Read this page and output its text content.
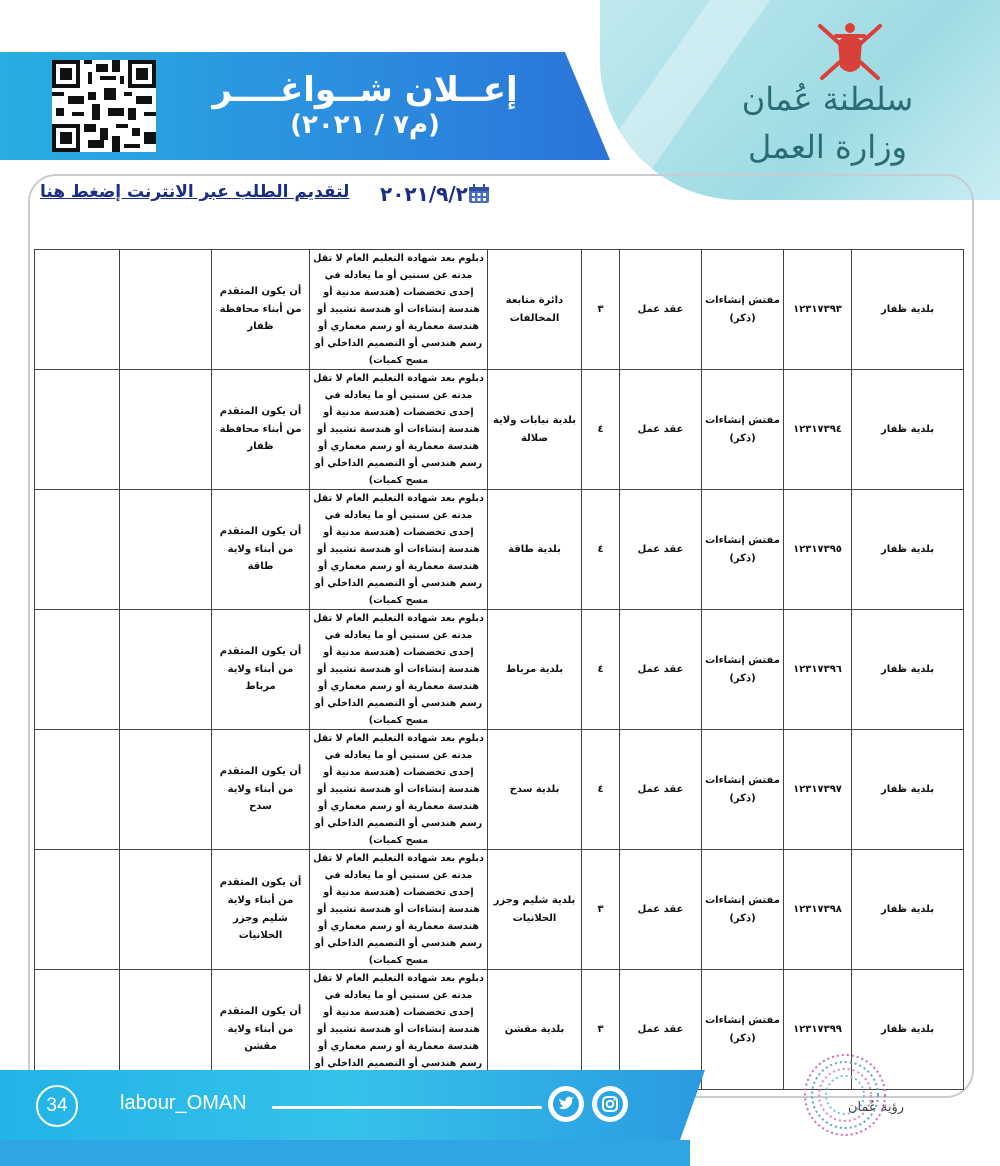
سلطنة عُمان
وزارة العمل
إعــلان شــواغــــر
(م٧ / ٢٠٢١)
لتقديم الطلب عبر الانترنت إضغط هنا ٢٠٢١/٩/٢
بلدية ظفار	١٢٣١٧٣٩٣	مفتش إنشاءات (ذكر)	عقد عمل	٣	دائرة متابعة المخالفات	دبلوم بعد شهادة التعليم العام لا تقل مدته عن سنتين أو ما يعادله في إحدى تخصصات (هندسة مدنية أو هندسة إنشاءات أو هندسة تشييد أو هندسة معمارية أو رسم معماري أو رسم هندسي أو التصميم الداخلي أو مسح كميات)	أن يكون المتقدم من أبناء محافظة ظفار		
بلدية ظفار	١٢٣١٧٣٩٤	مفتش إنشاءات (ذكر)	عقد عمل	٤	بلدية نيابات ولاية صلالة	دبلوم بعد شهادة التعليم العام لا تقل مدته عن سنتين أو ما يعادله في إحدى تخصصات (هندسة مدنية أو هندسة إنشاءات أو هندسة تشييد أو هندسة معمارية أو رسم معماري أو رسم هندسي أو التصميم الداخلي أو مسح كميات)	أن يكون المتقدم من أبناء محافظة ظفار		
بلدية ظفار	١٢٣١٧٣٩٥	مفتش إنشاءات (ذكر)	عقد عمل	٤	بلدية طاقة	دبلوم بعد شهادة التعليم العام لا تقل مدته عن سنتين أو ما يعادله في إحدى تخصصات (هندسة مدنية أو هندسة إنشاءات أو هندسة تشييد أو هندسة معمارية أو رسم معماري أو رسم هندسي أو التصميم الداخلي أو مسح كميات)	أن يكون المتقدم من أبناء ولاية طاقة		
بلدية ظفار	١٢٣١٧٣٩٦	مفتش إنشاءات (ذكر)	عقد عمل	٤	بلدية مرباط	دبلوم بعد شهادة التعليم العام لا تقل مدته عن سنتين أو ما يعادله في إحدى تخصصات (هندسة مدنية أو هندسة إنشاءات أو هندسة تشييد أو هندسة معمارية أو رسم معماري أو رسم هندسي أو التصميم الداخلي أو مسح كميات)	أن يكون المتقدم من أبناء ولاية مرباط		
بلدية ظفار	١٢٣١٧٣٩٧	مفتش إنشاءات (ذكر)	عقد عمل	٤	بلدية سدح	دبلوم بعد شهادة التعليم العام لا تقل مدته عن سنتين أو ما يعادله في إحدى تخصصات (هندسة مدنية أو هندسة إنشاءات أو هندسة تشييد أو هندسة معمارية أو رسم معماري أو رسم هندسي أو التصميم الداخلي أو مسح كميات)	أن يكون المتقدم من أبناء ولاية سدح		
بلدية ظفار	١٢٣١٧٣٩٨	مفتش إنشاءات (ذكر)	عقد عمل	٣	بلدية شليم وجزر الحلانيات	دبلوم بعد شهادة التعليم العام لا تقل مدته عن سنتين أو ما يعادله في إحدى تخصصات (هندسة مدنية أو هندسة إنشاءات أو هندسة تشييد أو هندسة معمارية أو رسم معماري أو رسم هندسي أو التصميم الداخلي أو مسح كميات)	أن يكون المتقدم من أبناء ولاية شليم وجزر الحلانيات		
بلدية ظفار	١٢٣١٧٣٩٩	مفتش إنشاءات (ذكر)	عقد عمل	٣	بلدية مقشن	دبلوم بعد شهادة التعليم العام لا تقل مدته عن سنتين أو ما يعادله في إحدى تخصصات (هندسة مدنية أو هندسة إنشاءات أو هندسة تشييد أو هندسة معمارية أو رسم معماري أو رسم هندسي أو التصميم الداخلي أو	أن يكون المتقدم من أبناء ولاية مقشن		
34	labour_OMAN	رؤية عُمان
